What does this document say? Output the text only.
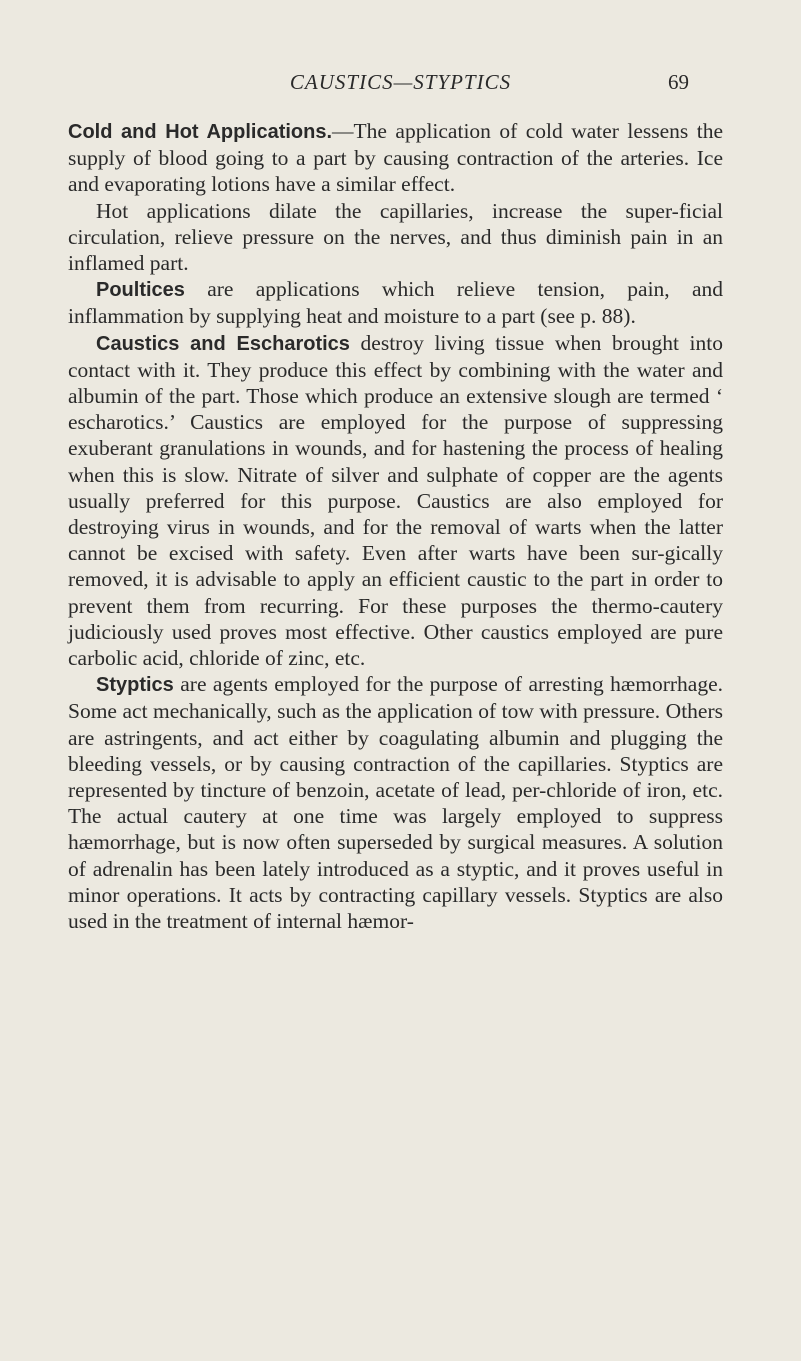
CAUSTICS—STYPTICS	69

Cold and Hot Applications.—The application of cold water lessens the supply of blood going to a part by causing contraction of the arteries. Ice and evaporating lotions have a similar effect.

Hot applications dilate the capillaries, increase the super-ficial circulation, relieve pressure on the nerves, and thus diminish pain in an inflamed part.

Poultices are applications which relieve tension, pain, and inflammation by supplying heat and moisture to a part (see p. 88).

Caustics and Escharotics destroy living tissue when brought into contact with it. They produce this effect by combining with the water and albumin of the part. Those which produce an extensive slough are termed ‘ escharotics.’ Caustics are employed for the purpose of suppressing exuberant granulations in wounds, and for hastening the process of healing when this is slow. Nitrate of silver and sulphate of copper are the agents usually preferred for this purpose. Caustics are also employed for destroying virus in wounds, and for the removal of warts when the latter cannot be excised with safety. Even after warts have been sur-gically removed, it is advisable to apply an efficient caustic to the part in order to prevent them from recurring. For these purposes the thermo-cautery judiciously used proves most effective. Other caustics employed are pure carbolic acid, chloride of zinc, etc.

Styptics are agents employed for the purpose of arresting hæmorrhage. Some act mechanically, such as the application of tow with pressure. Others are astringents, and act either by coagulating albumin and plugging the bleeding vessels, or by causing contraction of the capillaries. Styptics are represented by tincture of benzoin, acetate of lead, per-chloride of iron, etc. The actual cautery at one time was largely employed to suppress hæmorrhage, but is now often superseded by surgical measures. A solution of adrenalin has been lately introduced as a styptic, and it proves useful in minor operations. It acts by contracting capillary vessels. Styptics are also used in the treatment of internal hæmor-
